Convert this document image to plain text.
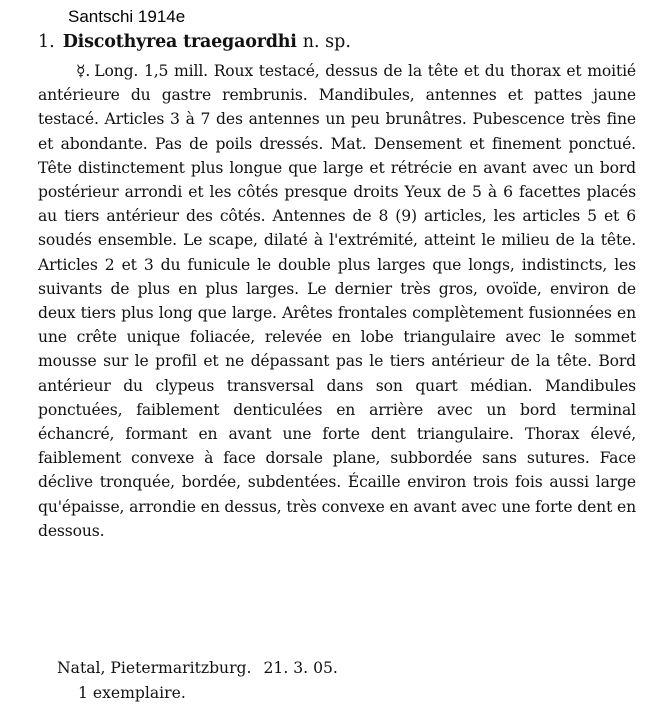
Santschi 1914e
1. Discothyrea traegaordhi n. sp.
☿. Long. 1,5 mill. Roux testacé, dessus de la tête et du thorax et moitié antérieure du gastre rembrunis. Mandibules, antennes et pattes jaune testacé. Articles 3 à 7 des antennes un peu brunâtres. Pubescence très fine et abondante. Pas de poils dressés. Mat. Densement et finement ponctué. Tête distinctement plus longue que large et rétrécie en avant avec un bord postérieur arrondi et les côtés presque droits Yeux de 5 à 6 facettes placés au tiers antérieur des côtés. Antennes de 8 (9) articles, les articles 5 et 6 soudés ensemble. Le scape, dilaté à l'extrémité, atteint le milieu de la tête. Articles 2 et 3 du funicule le double plus larges que longs, indistincts, les suivants de plus en plus larges. Le dernier très gros, ovoïde, environ de deux tiers plus long que large. Arêtes frontales complètement fusionnées en une crête unique foliacée, relevée en lobe triangulaire avec le sommet mousse sur le profil et ne dépassant pas le tiers antérieur de la tête. Bord antérieur du clypeus transversal dans son quart médian. Mandibules ponctuées, faiblement denticulées en arrière avec un bord terminal échancré, formant en avant une forte dent triangulaire. Thorax élevé, faiblement convexe à face dorsale plane, subbordée sans sutures. Face déclive tronquée, bordée, subdentées. Écaille environ trois fois aussi large qu'épaisse, arrondie en dessus, très convexe en avant avec une forte dent en dessous.
Natal, Pietermaritzburg. 21. 3. 05.
1 exemplaire.
